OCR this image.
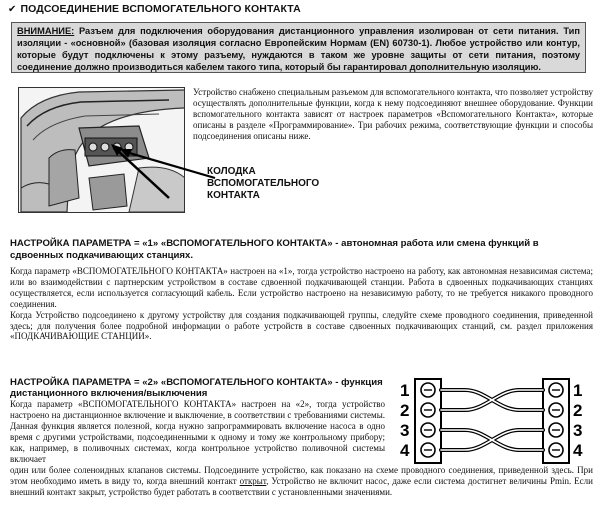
✔ ПОДСОЕДИНЕНИЕ ВСПОМОГАТЕЛЬНОГО КОНТАКТА
ВНИМАНИЕ: Разъем для подключения оборудования дистанционного управления изолирован от сети питания. Тип изоляции - «основной» (базовая изоляция согласно Европейским Нормам (EN) 60730-1). Любое устройство или контур, которые будут подключены к этому разъему, нуждаются в таком же уровне защиты от сети питания, поэтому соединение должно производиться кабелем такого типа, который бы гарантировал дополнительную изоляцию.
Устройство снабжено специальным разъемом для вспомогательного контакта, что позволяет устройству осуществлять дополнительные функции, когда к нему подсоединяют внешнее оборудование. Функции вспомогательного контакта зависят от настроек параметров «Вспомогательного Контакта», которые описаны в разделе «Программирование». Три рабочих режима, соответствующие функции и способы подсоединения описаны ниже.
КОЛОДКА
ВСПОМОГАТЕЛЬНОГО
КОНТАКТА
НАСТРОЙКА ПАРАМЕТРА = «1» «ВСПОМОГАТЕЛЬНОГО КОНТАКТА» - автономная работа или смена функций в сдвоенных подкачивающих станциях.
Когда параметр «ВСПОМОГАТЕЛЬНОГО КОНТАКТА» настроен на «1», тогда устройство настроено на работу, как автономная независимая система; или во взаимодействии с партнерским устройством в составе сдвоенной подкачивающей станции. Работа в сдвоенных подкачивающих станциях осуществляется, если используется согласующий кабель. Если устройство настроено на независимую работу, то не требуется никакого проводного соединения.
Когда Устройство подсоединено к другому устройству для создания подкачивающей группы, следуйте схеме проводного соединения, приведенной здесь; для получения более подробной информации о работе устройств в составе сдвоенных подкачивающих станций, см. раздел приложения «ПОДКАЧИВАЮЩИЕ СТАНЦИИ».
НАСТРОЙКА ПАРАМЕТРА = «2» «ВСПОМОГАТЕЛЬНОГО КОНТАКТА» - функция дистанционного включения/выключения
Когда параметр «ВСПОМОГАТЕЛЬНОГО КОНТАКТА» настроен на «2», тогда устройство настроено на дистанционное включение и выключение, в соответствии с требованиями системы. Данная функция является полезной, когда нужно запрограммировать включение насоса в одно время с другими устройствами, подсоединенными к одному и тому же контрольному прибору; как, например, в поливочных системах, когда контрольное устройство поливочной системы включает
один или более соленоидных клапанов системы. Подсоедините устройство, как показано на схеме проводного соединения, приведенной здесь. При этом необходимо иметь в виду то, когда внешний контакт открыт, Устройство не включит насос, даже если система достигнет величины Pmin. Если внешний контакт закрыт, устройство будет работать в соответствии с установленными значениями.
1
2
3
4
1
2
3
4
